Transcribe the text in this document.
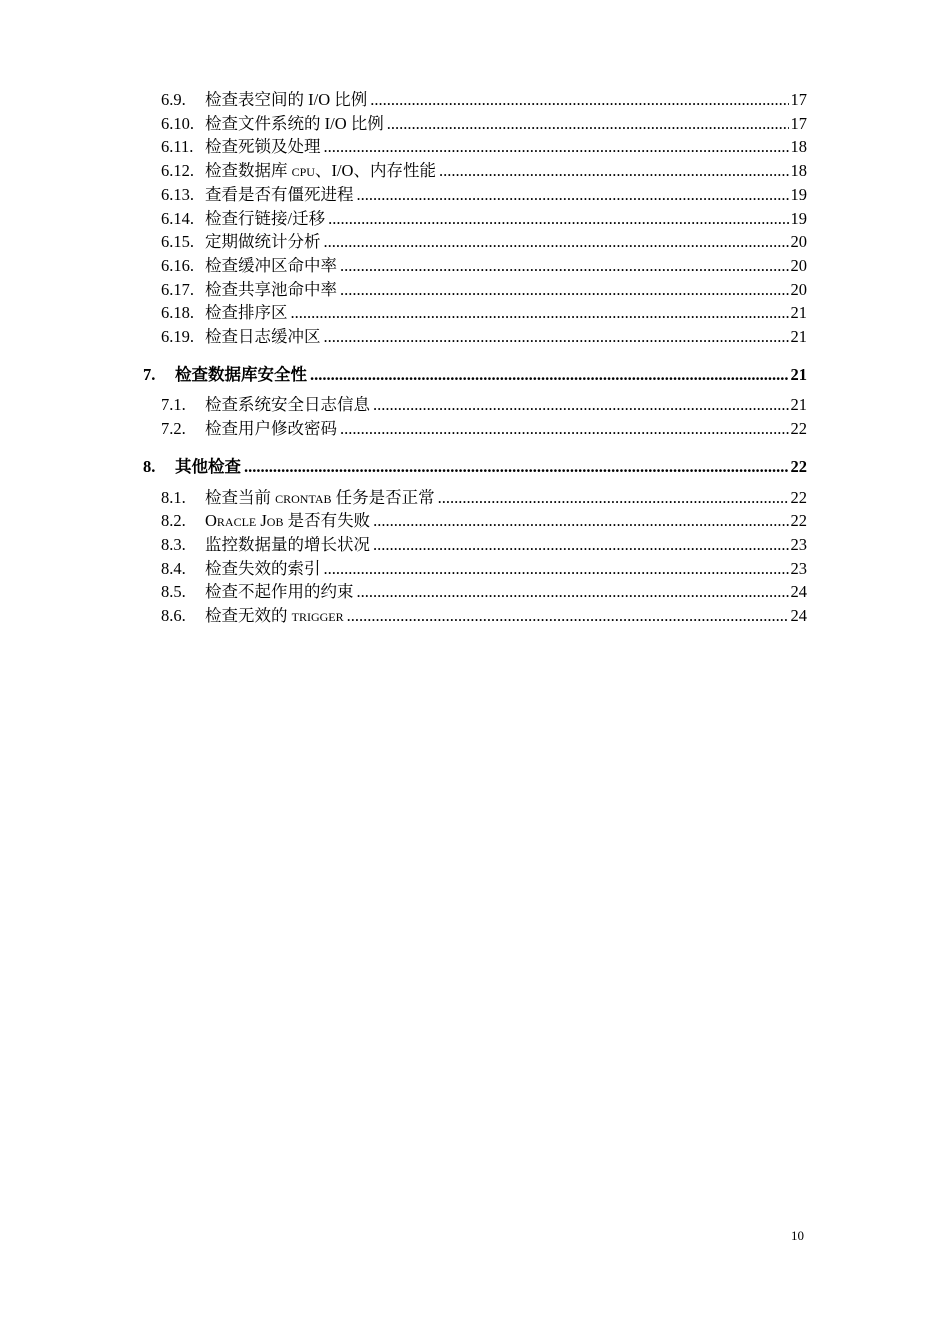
6.9.	检查表空间的 I/O 比例 .....	17
6.10. 检查文件系统的 I/O 比例 .....	17
6.11. 检查死锁及处理 .....	18
6.12. 检查数据库 cpu、I/O、内存性能 .....	18
6.13. 查看是否有僵死进程 .....	19
6.14. 检查行链接/迁移 .....	19
6.15. 定期做统计分析 .....	20
6.16. 检查缓冲区命中率 .....	20
6.17. 检查共享池命中率 .....	20
6.18. 检查排序区 .....	21
6.19. 检查日志缓冲区 .....	21
7.	检查数据库安全性 .....	21
7.1.	检查系统安全日志信息 .....	21
7.2.	检查用户修改密码 .....	22
8.	其他检查 .....	22
8.1.	检查当前 crontab 任务是否正常 .....	22
8.2.	Oracle Job 是否有失败 .....	22
8.3.	监控数据量的增长状况 .....	23
8.4.	检查失效的索引 .....	23
8.5.	检查不起作用的约束 .....	24
8.6.	检查无效的 trigger .....	24
10
